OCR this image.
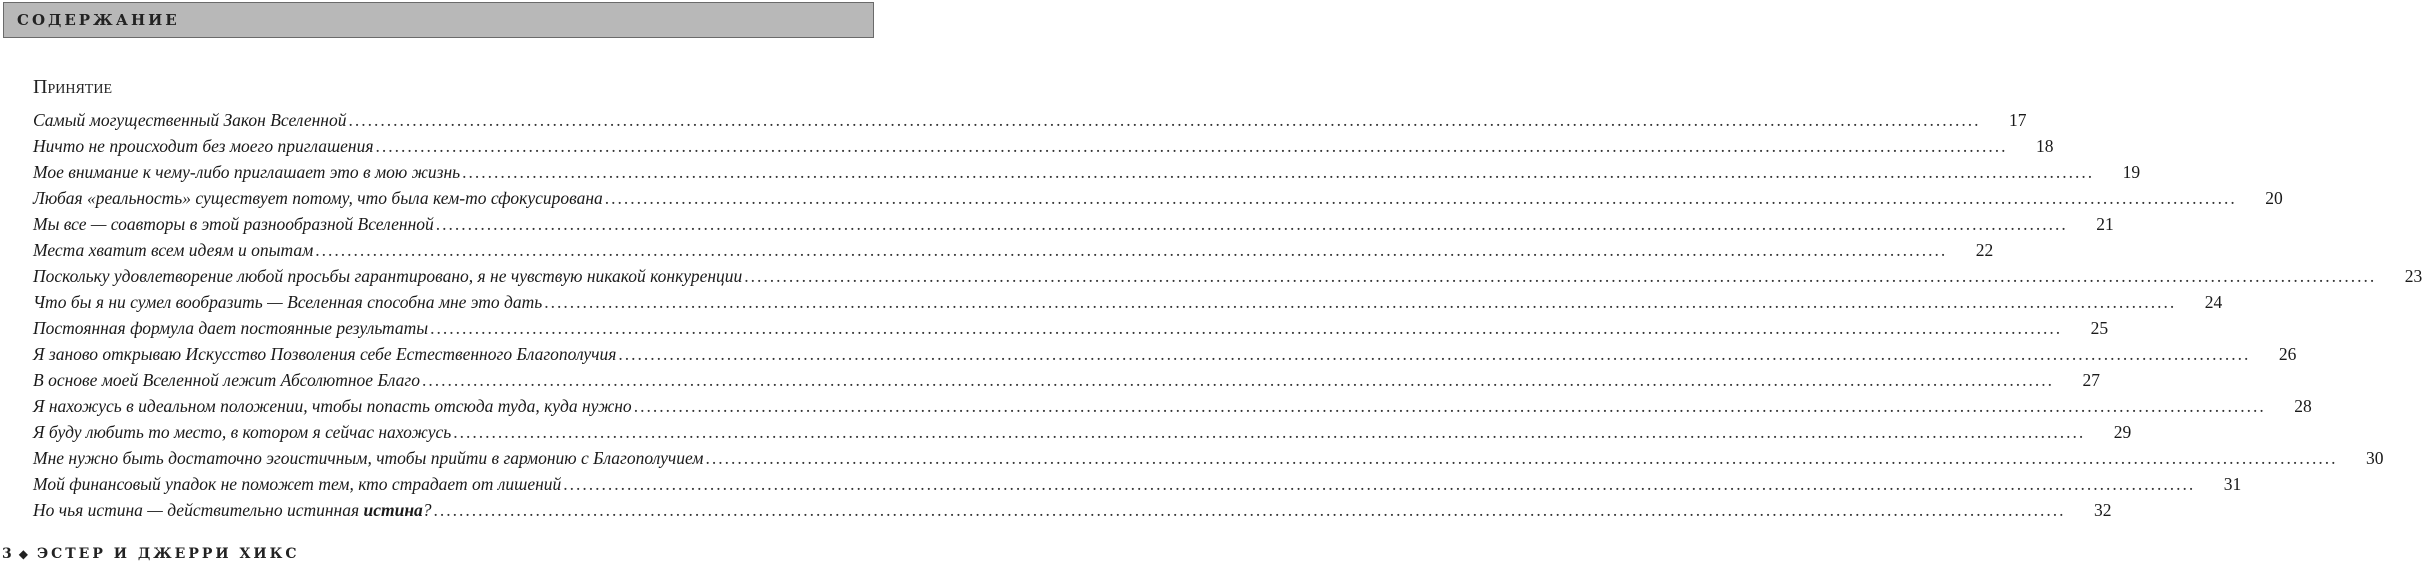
СОДЕРЖАНИЕ
Принятие
Самый могущественный Закон Вселенной .....	17
Ничто не происходит без моего приглашения .....	18
Мое внимание к чему-либо приглашает это в мою жизнь .....	19
Любая «реальность» существует потому, что была кем-то сфокусирована .....	20
Мы все — соавторы в этой разнообразной Вселенной .....	21
Места хватит всем идеям и опытам .....	22
Поскольку удовлетворение любой просьбы гарантировано, я не чувствую никакой конкуренции .....	23
Что бы я ни сумел вообразить — Вселенная способна мне это дать .....	24
Постоянная формула дает постоянные результаты .....	25
Я заново открываю Искусство Позволения себе Естественного Благополучия .....	26
В основе моей Вселенной лежит Абсолютное Благо .....	27
Я нахожусь в идеальном положении, чтобы попасть отсюда туда, куда нужно .....	28
Я буду любить то место, в котором я сейчас нахожусь .....	29
Мне нужно быть достаточно эгоистичным, чтобы прийти в гармонию с Благополучием .....	30
Мой финансовый упадок не поможет тем, кто страдает от лишений .....	31
Но чья истина — действительно истинная истина? .....	32
3 ◆ ЭСТЕР И ДЖЕРРИ ХИКС
